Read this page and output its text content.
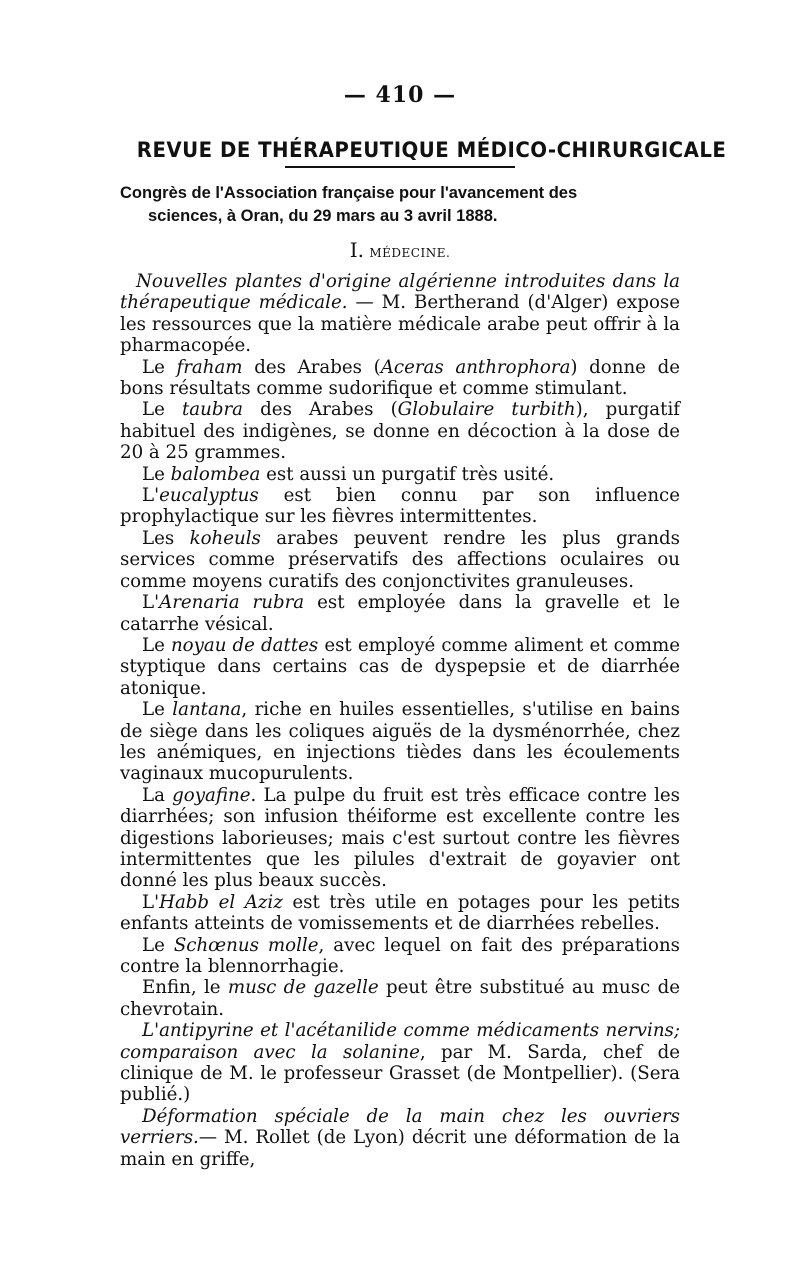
— 410 —
REVUE DE THÉRAPEUTIQUE MÉDICO-CHIRURGICALE
Congrès de l'Association française pour l'avancement des
sciences, à Oran, du 29 mars au 3 avril 1888.
I. MÉDECINE.

Nouvelles plantes d'origine algérienne introduites dans la thérapeutique médicale. — M. Bertherand (d'Alger) expose les ressources que la matière médicale arabe peut offrir à la pharmacopée.

Le fraham des Arabes (Aceras anthrophora) donne de bons résultats comme sudorifique et comme stimulant.

Le taubra des Arabes (Globulaire turbith), purgatif habituel des indigènes, se donne en décoction à la dose de 20 à 25 grammes.

Le balombea est aussi un purgatif très usité.

L'eucalyptus est bien connu par son influence prophylactique sur les fièvres intermittentes.

Les koheuls arabes peuvent rendre les plus grands services comme préservatifs des affections oculaires ou comme moyens curatifs des conjonctivites granuleuses.

L'Arenaria rubra est employée dans la gravelle et le catarrhe vésical.

Le noyau de dattes est employé comme aliment et comme styptique dans certains cas de dyspepsie et de diarrhée atonique.

Le lantana, riche en huiles essentielles, s'utilise en bains de siège dans les coliques aiguës de la dysménorrhée, chez les anémiques, en injections tièdes dans les écoulements vaginaux mucopurulents.

La goyafine. La pulpe du fruit est très efficace contre les diarrhées; son infusion théiforme est excellente contre les digestions laborieuses; mais c'est surtout contre les fièvres intermittentes que les pilules d'extrait de goyavier ont donné les plus beaux succès.

L'Habb el Aziz est très utile en potages pour les petits enfants atteints de vomissements et de diarrhées rebelles.

Le Schœnus molle, avec lequel on fait des préparations contre la blennorrhagie.

Enfin, le musc de gazelle peut être substitué au musc de chevrotain.

L'antipyrine et l'acétanilide comme médicaments nervins; comparaison avec la solanine, par M. Sarda, chef de clinique de M. le professeur Grasset (de Montpellier). (Sera publié.)

Déformation spéciale de la main chez les ouvriers verriers.— M. Rollet (de Lyon) décrit une déformation de la main en griffe,
